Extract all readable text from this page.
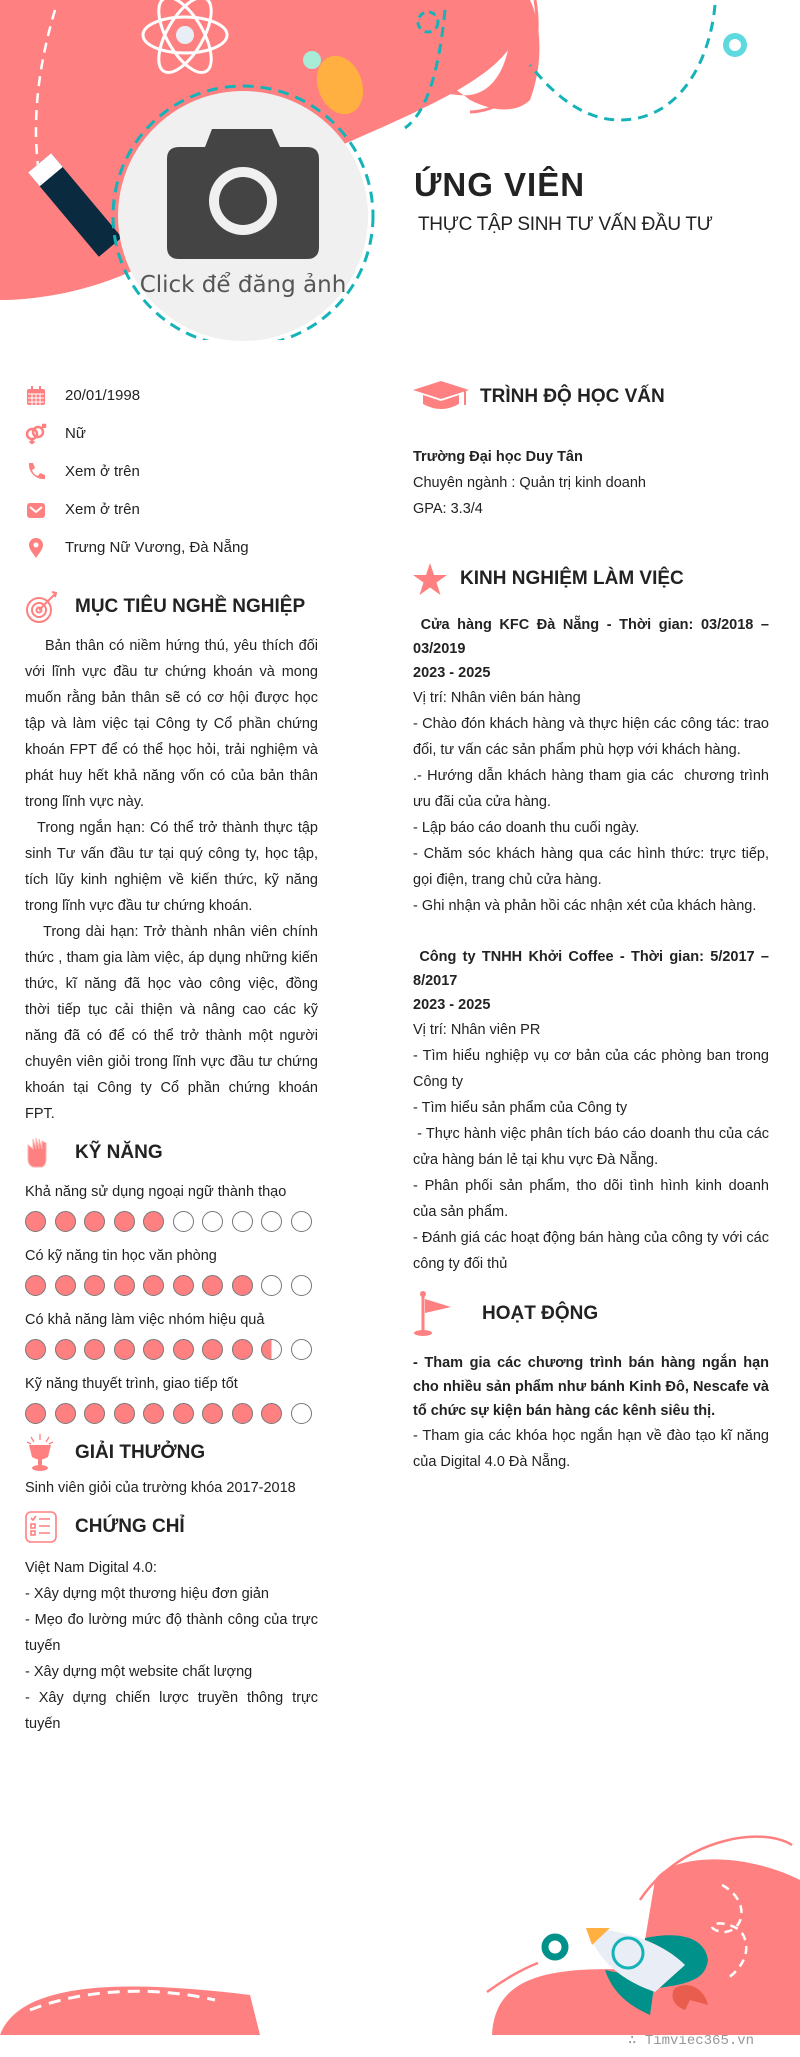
Click để đăng ảnh
ỨNG VIÊN
THỰC TẬP SINH TƯ VẤN ĐẦU TƯ
20/01/1998
Nữ
Xem ở trên
Xem ở trên
Trưng Nữ Vương, Đà Nẵng
MỤC TIÊU NGHỀ NGHIỆP
Bản thân có niềm hứng thú, yêu thích đối với lĩnh vực đầu tư chứng khoán và mong muốn rằng bản thân sẽ có cơ hội được học tập và làm việc tại Công ty Cổ phần chứng khoán FPT để có thể học hỏi, trải nghiệm và phát huy hết khả năng vốn có của bản thân trong lĩnh vực này.
Trong ngắn hạn: Có thể trở thành thực tập sinh Tư vấn đầu tư tại quý công ty, học tập, tích lũy kinh nghiệm về kiến thức, kỹ năng trong lĩnh vực đầu tư chứng khoán.
Trong dài hạn: Trở thành nhân viên chính thức , tham gia làm việc, áp dụng những kiến thức, kĩ năng đã học vào công việc, đồng thời tiếp tục cải thiện và nâng cao các kỹ năng đã có để có thể trở thành một người chuyên viên giỏi trong lĩnh vực đầu tư chứng khoán tại Công ty Cổ phần chứng khoán FPT.
KỸ NĂNG
Khả năng sử dụng ngoại ngữ thành thạo
Có kỹ năng tin học văn phòng
Có khả năng làm việc nhóm hiệu quả
Kỹ năng thuyết trình, giao tiếp tốt
GIẢI THƯỞNG
Sinh viên giỏi của trường khóa 2017-2018
CHỨNG CHỈ
Việt Nam Digital 4.0:
- Xây dựng một thương hiệu đơn giản
- Mẹo đo lường mức độ thành công của trực tuyến
- Xây dựng một website chất lượng
- Xây dựng chiến lược truyền thông trực tuyến
TRÌNH ĐỘ HỌC VẤN
Trường Đại học Duy Tân
Chuyên ngành : Quản trị kinh doanh
GPA: 3.3/4
KINH NGHIỆM LÀM VIỆC
Cửa hàng KFC Đà Nẵng - Thời gian: 03/2018 – 03/2019
2023 - 2025
Vị trí: Nhân viên bán hàng
- Chào đón khách hàng và thực hiện các công tác: trao đổi, tư vấn các sản phẩm phù hợp với khách hàng.
.- Hướng dẫn khách hàng tham gia các  chương trình ưu đãi của cửa hàng.
- Lập báo cáo doanh thu cuối ngày.
- Chăm sóc khách hàng qua các hình thức: trực tiếp, gọi điện, trang chủ cửa hàng.
- Ghi nhận và phản hồi các nhận xét của khách hàng.
Công ty TNHH Khởi Coffee - Thời gian: 5/2017 – 8/2017
2023 - 2025
Vị trí: Nhân viên PR
- Tìm hiểu nghiệp vụ cơ bản của các phòng ban trong Công ty
- Tìm hiểu sản phẩm của Công ty
- Thực hành việc phân tích báo cáo doanh thu của các cửa hàng bán lẻ tại khu vực Đà Nẵng.
- Phân phối sản phẩm, tho dõi tình hình kinh doanh của sản phẩm.
- Đánh giá các hoạt động bán hàng của công ty với các công ty đối thủ
HOẠT ĐỘNG
- Tham gia các chương trình bán hàng ngắn hạn cho nhiều sản phẩm như bánh Kinh Đô, Nescafe và tổ chức sự kiện bán hàng các kênh siêu thị.
- Tham gia các khóa học ngắn hạn về đào tạo kĩ năng của Digital 4.0 Đà Nẵng.
∴ Timviec365.vn
